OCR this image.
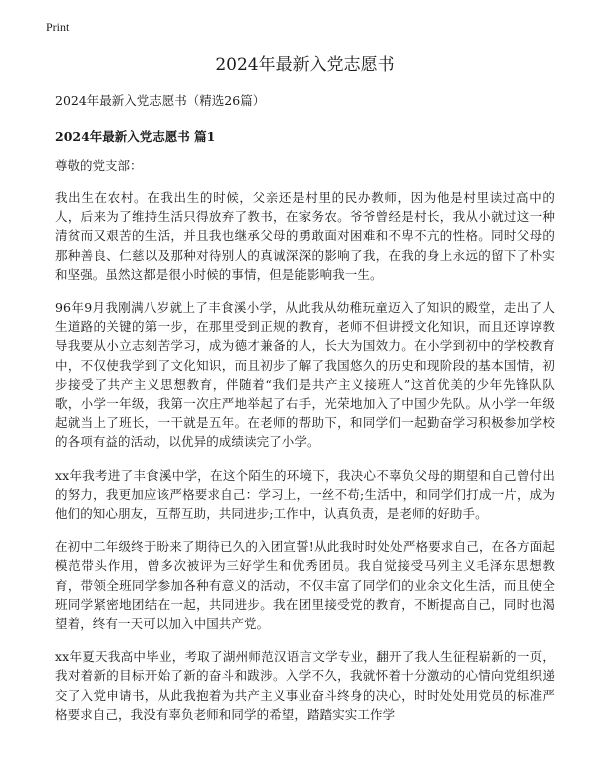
Print
2024年最新入党志愿书
2024年最新入党志愿书（精选26篇）
2024年最新入党志愿书 篇1
尊敬的党支部：

我出生在农村。在我出生的时候，父亲还是村里的民办教师，因为他是村里读过高中的人，后来为了维持生活只得放弃了教书，在家务农。爷爷曾经是村长，我从小就过这一种清贫而又艰苦的生活，并且我也继承父母的勇敢面对困难和不卑不亢的性格。同时父母的那种善良、仁慈以及那种对待别人的真诚深深的影响了我，在我的身上永远的留下了朴实和坚强。虽然这都是很小时候的事情，但是能影响我一生。

96年9月我刚满八岁就上了丰食溪小学，从此我从幼稚玩童迈入了知识的殿堂，走出了人生道路的关键的第一步，在那里受到正规的教育，老师不但讲授文化知识，而且还谆谆教导我要从小立志刻苦学习，成为德才兼备的人，长大为国效力。在小学到初中的学校教育中，不仅使我学到了文化知识，而且初步了解了我国悠久的历史和现阶段的基本国情，初步接受了共产主义思想教育，伴随着“我们是共产主义接班人”这首优美的少年先锋队队歌，小学一年级，我第一次庄严地举起了右手，光荣地加入了中国少先队。从小学一年级起就当上了班长，一干就是五年。在老师的帮助下，和同学们一起勤奋学习积极参加学校的各项有益的活动，以优异的成绩读完了小学。

xx年我考进了丰食溪中学，在这个陌生的环境下，我决心不辜负父母的期望和自己曾付出的努力，我更加应该严格要求自己：学习上，一丝不苟;生活中，和同学们打成一片，成为他们的知心朋友，互帮互助，共同进步;工作中，认真负责，是老师的好助手。

在初中二年级终于盼来了期待已久的入团宣誓!从此我时时处处严格要求自己，在各方面起模范带头作用，曾多次被评为三好学生和优秀团员。我自觉接受马列主义毛泽东思想教育，带领全班同学参加各种有意义的活动，不仅丰富了同学们的业余文化生活，而且使全班同学紧密地团结在一起，共同进步。我在团里接受党的教育，不断提高自己，同时也渴望着，终有一天可以加入中国共产党。

xx年夏天我高中毕业，考取了湖州师范汉语言文学专业，翻开了我人生征程崭新的一页，我对着新的目标开始了新的奋斗和跋涉。入学不久，我就怀着十分激动的心情向党组织递交了入党申请书，从此我抱着为共产主义事业奋斗终身的决心，时时处处用党员的标准严格要求自己，我没有辜负老师和同学的希望，踏踏实实工作学
